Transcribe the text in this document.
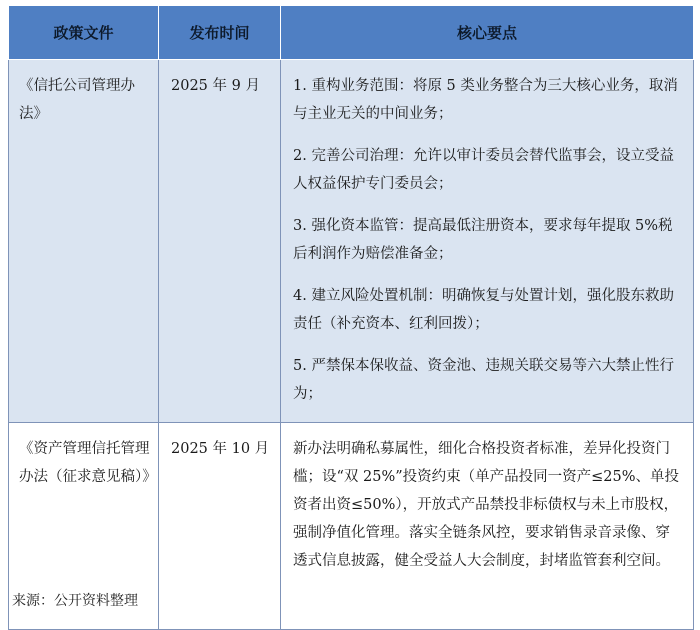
政策文件	发布时间	核心要点
《信托公司管理办法》	2025 年 9 月	1. 重构业务范围：将原 5 类业务整合为三大核心业务，取消与主业无关的中间业务；
2. 完善公司治理：允许以审计委员会替代监事会，设立受益人权益保护专门委员会；
3. 强化资本监管：提高最低注册资本，要求每年提取 5%税后利润作为赔偿准备金；
4. 建立风险处置机制：明确恢复与处置计划，强化股东救助责任（补充资本、红利回拨）；
5. 严禁保本保收益、资金池、违规关联交易等六大禁止性行为；

《资产管理信托管理办法（征求意见稿）》	2025 年 10 月	新办法明确私募属性，细化合格投资者标准，差异化投资门槛；设“双 25%”投资约束（单产品投同一资产≤25%、单投资者出资≤50%），开放式产品禁投非标债权与未上市股权，强制净值化管理。落实全链条风控，要求销售录音录像、穿透式信息披露，健全受益人大会制度，封堵监管套利空间。
来源：公开资料整理
